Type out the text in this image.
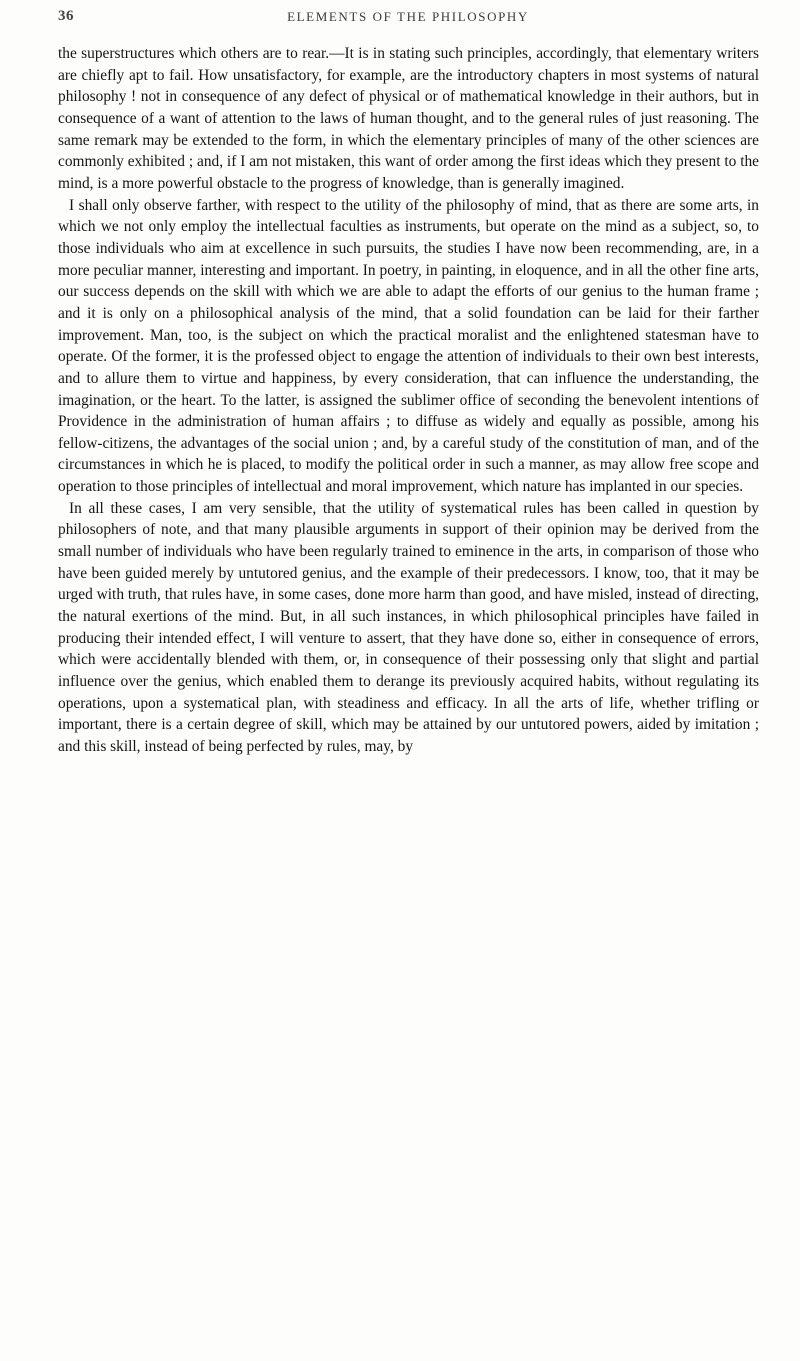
36	ELEMENTS OF THE PHILOSOPHY

the superstructures which others are to rear.—It is in stating such principles, accordingly, that elementary writers are chiefly apt to fail. How unsatisfactory, for example, are the introductory chapters in most systems of natural philosophy ! not in consequence of any defect of physical or of mathematical knowledge in their authors, but in consequence of a want of attention to the laws of human thought, and to the general rules of just reasoning. The same remark may be extended to the form, in which the elementary principles of many of the other sciences are commonly exhibited ; and, if I am not mistaken, this want of order among the first ideas which they present to the mind, is a more powerful obstacle to the progress of knowledge, than is generally imagined.

I shall only observe farther, with respect to the utility of the philosophy of mind, that as there are some arts, in which we not only employ the intellectual faculties as instruments, but operate on the mind as a subject, so, to those individuals who aim at excellence in such pursuits, the studies I have now been recommending, are, in a more peculiar manner, interesting and important. In poetry, in painting, in eloquence, and in all the other fine arts, our success depends on the skill with which we are able to adapt the efforts of our genius to the human frame ; and it is only on a philosophical analysis of the mind, that a solid foundation can be laid for their farther improvement. Man, too, is the subject on which the practical moralist and the enlightened statesman have to operate. Of the former, it is the professed object to engage the attention of individuals to their own best interests, and to allure them to virtue and happiness, by every consideration, that can influence the understanding, the imagination, or the heart. To the latter, is assigned the sublimer office of seconding the benevolent intentions of Providence in the administration of human affairs ; to diffuse as widely and equally as possible, among his fellow-citizens, the advantages of the social union ; and, by a careful study of the constitution of man, and of the circumstances in which he is placed, to modify the political order in such a manner, as may allow free scope and operation to those principles of intellectual and moral improvement, which nature has implanted in our species.

In all these cases, I am very sensible, that the utility of systematical rules has been called in question by philosophers of note, and that many plausible arguments in support of their opinion may be derived from the small number of individuals who have been regularly trained to eminence in the arts, in comparison of those who have been guided merely by untutored genius, and the example of their predecessors. I know, too, that it may be urged with truth, that rules have, in some cases, done more harm than good, and have misled, instead of directing, the natural exertions of the mind. But, in all such instances, in which philosophical principles have failed in producing their intended effect, I will venture to assert, that they have done so, either in consequence of errors, which were accidentally blended with them, or, in consequence of their possessing only that slight and partial influence over the genius, which enabled them to derange its previously acquired habits, without regulating its operations, upon a systematical plan, with steadiness and efficacy. In all the arts of life, whether trifling or important, there is a certain degree of skill, which may be attained by our untutored powers, aided by imitation ; and this skill, instead of being perfected by rules, may, by
